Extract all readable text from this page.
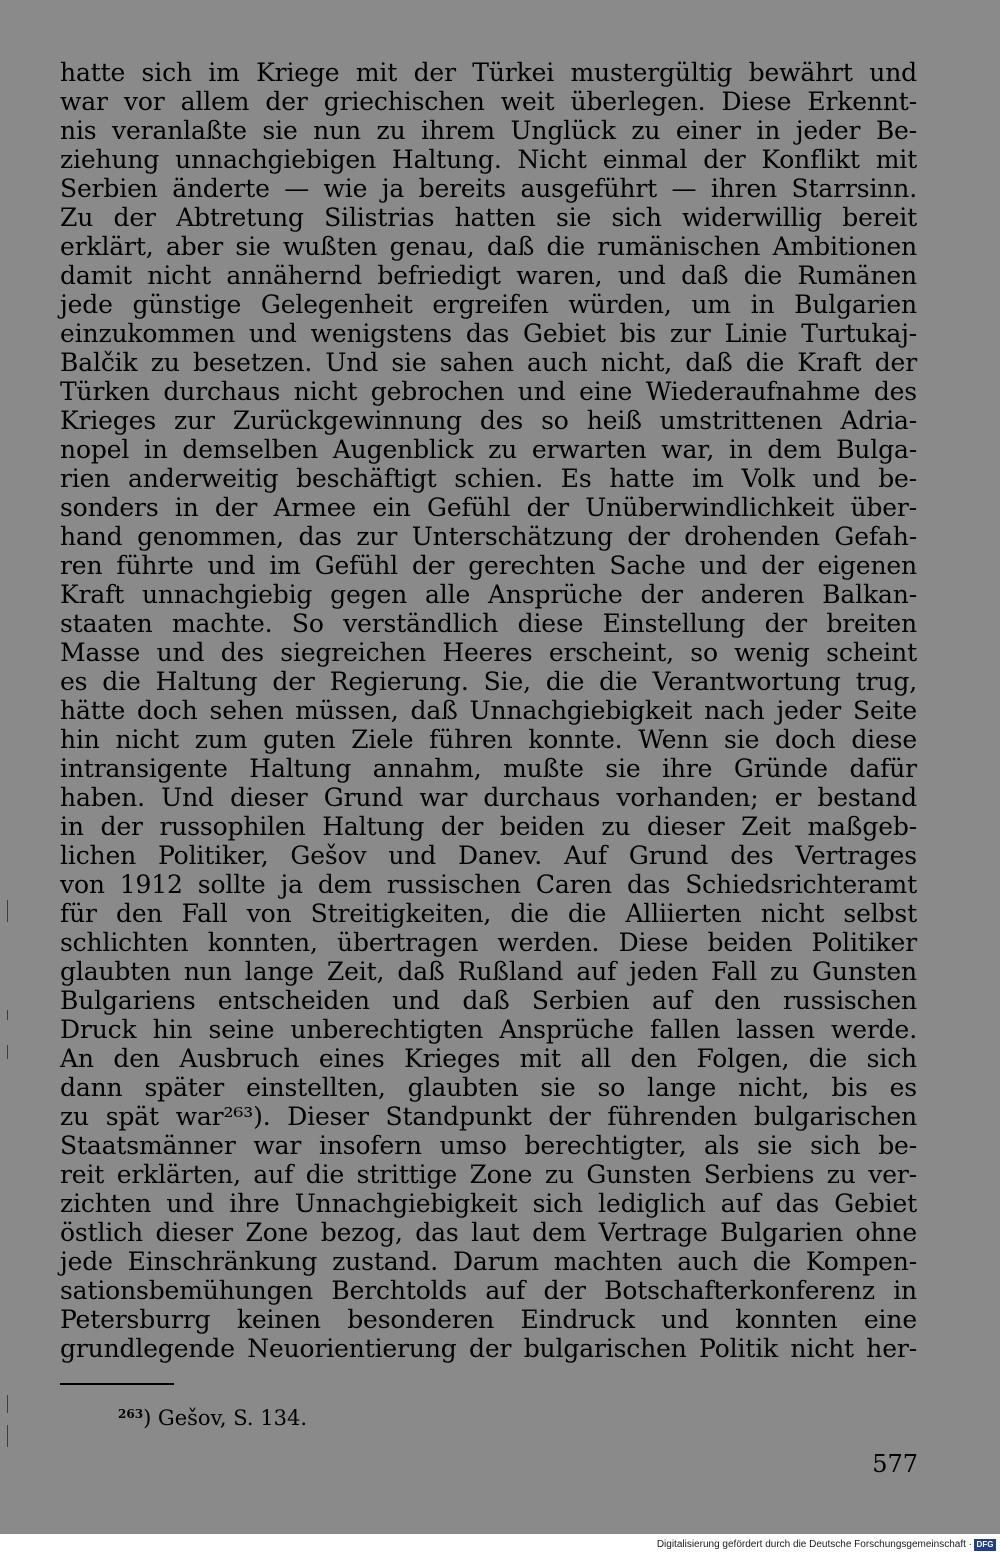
hatte sich im Kriege mit der Türkei mustergültig bewährt und
war vor allem der griechischen weit überlegen. Diese Erkennt-
nis veranlaßte sie nun zu ihrem Unglück zu einer in jeder Be-
ziehung unnachgiebigen Haltung. Nicht einmal der Konflikt mit
Serbien änderte — wie ja bereits ausgeführt — ihren Starrsinn.
Zu der Abtretung Silistrias hatten sie sich widerwillig bereit
erklärt, aber sie wußten genau, daß die rumänischen Ambitionen
damit nicht annähernd befriedigt waren, und daß die Rumänen
jede günstige Gelegenheit ergreifen würden, um in Bulgarien
einzukommen und wenigstens das Gebiet bis zur Linie Turtukaj-
Balčik zu besetzen. Und sie sahen auch nicht, daß die Kraft der
Türken durchaus nicht gebrochen und eine Wiederaufnahme des
Krieges zur Zurückgewinnung des so heiß umstrittenen Adria-
nopel in demselben Augenblick zu erwarten war, in dem Bulga-
rien anderweitig beschäftigt schien. Es hatte im Volk und be-
sonders in der Armee ein Gefühl der Unüberwindlichkeit über-
hand genommen, das zur Unterschätzung der drohenden Gefah-
ren führte und im Gefühl der gerechten Sache und der eigenen
Kraft unnachgiebig gegen alle Ansprüche der anderen Balkan-
staaten machte. So verständlich diese Einstellung der breiten
Masse und des siegreichen Heeres erscheint, so wenig scheint
es die Haltung der Regierung. Sie, die die Verantwortung trug,
hätte doch sehen müssen, daß Unnachgiebigkeit nach jeder Seite
hin nicht zum guten Ziele führen konnte. Wenn sie doch diese
intransigente Haltung annahm, mußte sie ihre Gründe dafür
haben. Und dieser Grund war durchaus vorhanden; er bestand
in der russophilen Haltung der beiden zu dieser Zeit maßgeb-
lichen Politiker, Gešov und Danev. Auf Grund des Vertrages
von 1912 sollte ja dem russischen Caren das Schiedsrichteramt
für den Fall von Streitigkeiten, die die Alliierten nicht selbst
schlichten konnten, übertragen werden. Diese beiden Politiker
glaubten nun lange Zeit, daß Rußland auf jeden Fall zu Gunsten
Bulgariens entscheiden und daß Serbien auf den russischen
Druck hin seine unberechtigten Ansprüche fallen lassen werde.
An den Ausbruch eines Krieges mit all den Folgen, die sich
dann später einstellten, glaubten sie so lange nicht, bis es
zu spät war²⁶³). Dieser Standpunkt der führenden bulgarischen
Staatsmänner war insofern umso berechtigter, als sie sich be-
reit erklärten, auf die strittige Zone zu Gunsten Serbiens zu ver-
zichten und ihre Unnachgiebigkeit sich lediglich auf das Gebiet
östlich dieser Zone bezog, das laut dem Vertrage Bulgarien ohne
jede Einschränkung zustand. Darum machten auch die Kompen-
sationsbemühungen Berchtolds auf der Botschafterkonferenz in
Petersburrg keinen besonderen Eindruck und konnten eine
grundlegende Neuorientierung der bulgarischen Politik nicht her-
$^{263}$) Gešov, S. 134.
577
Digitalisierung gefördert durch die Deutsche Forschungsgemeinschaft · DFG
